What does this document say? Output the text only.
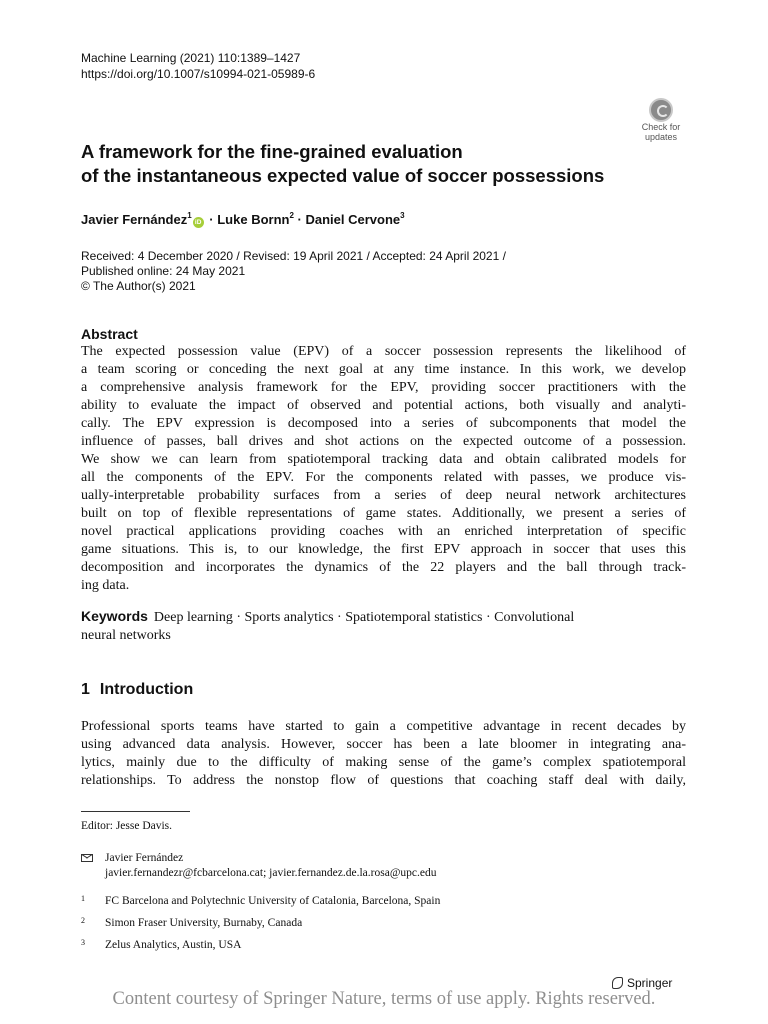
Machine Learning (2021) 110:1389–1427
https://doi.org/10.1007/s10994-021-05989-6
Check for
updates
A framework for the fine-grained evaluation
of the instantaneous expected value of soccer possessions
Javier Fernández$^1$iD · Luke Bornn$^2$ · Daniel Cervone$^3$
Received: 4 December 2020 / Revised: 19 April 2021 / Accepted: 24 April 2021 /
Published online: 24 May 2021
© The Author(s) 2021
Abstract
The expected possession value (EPV) of a soccer possession represents the likelihood of
a team scoring or conceding the next goal at any time instance. In this work, we develop
a comprehensive analysis framework for the EPV, providing soccer practitioners with the
ability to evaluate the impact of observed and potential actions, both visually and analyti-
cally. The EPV expression is decomposed into a series of subcomponents that model the
influence of passes, ball drives and shot actions on the expected outcome of a possession.
We show we can learn from spatiotemporal tracking data and obtain calibrated models for
all the components of the EPV. For the components related with passes, we produce vis-
ually-interpretable probability surfaces from a series of deep neural network architectures
built on top of flexible representations of game states. Additionally, we present a series of
novel practical applications providing coaches with an enriched interpretation of specific
game situations. This is, to our knowledge, the first EPV approach in soccer that uses this
decomposition and incorporates the dynamics of the 22 players and the ball through track-
ing data.
Keywords Deep learning · Sports analytics · Spatiotemporal statistics · Convolutional
neural networks
1 Introduction
Professional sports teams have started to gain a competitive advantage in recent decades by
using advanced data analysis. However, soccer has been a late bloomer in integrating ana-
lytics, mainly due to the difficulty of making sense of the game’s complex spatiotemporal
relationships. To address the nonstop flow of questions that coaching staff deal with daily,
Editor: Jesse Davis.
Javier Fernández
javier.fernandezr@fcbarcelona.cat; javier.fernandez.de.la.rosa@upc.edu
1 FC Barcelona and Polytechnic University of Catalonia, Barcelona, Spain
2 Simon Fraser University, Burnaby, Canada
3 Zelus Analytics, Austin, USA
Springer
Content courtesy of Springer Nature, terms of use apply. Rights reserved.
